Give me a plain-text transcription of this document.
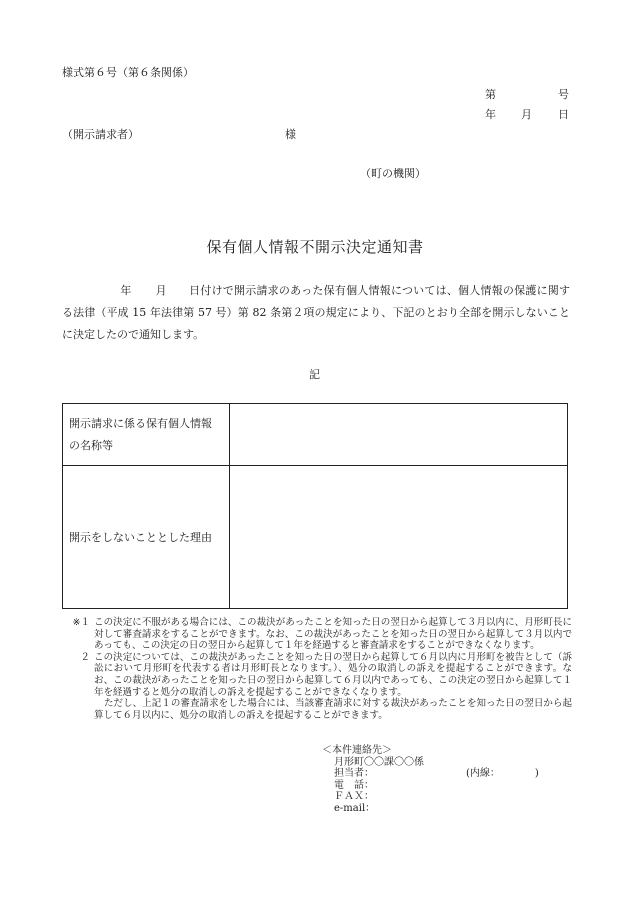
様式第６号（第６条関係）
第	号
年 月 日
（開示請求者）	様
（町の機関）
保有個人情報不開示決定通知書
年 月 日付けで開示請求のあった保有個人情報については、個人情報の保護に関する法律（平成 15 年法律第 57 号）第 82 条第２項の規定により、下記のとおり全部を開示しないことに決定したので通知します。
記
開示請求に係る保有個人情報
の名称等	

開示をしないこととした理由	

※１ この決定に不服がある場合には、この裁決があったことを知った日の翌日から起算して３月以内に、月形町長に対して審査請求をすることができます。なお、この裁決があったことを知った日の翌日から起算して３月以内であっても、この決定の日の翌日から起算して１年を経過すると審査請求をすることができなくなります。
２ この決定については、この裁決があったことを知った日の翌日から起算して６月以内に月形町を被告として（訴訟において月形町を代表する者は月形町長となります。）、処分の取消しの訴えを提起することができます。なお、この裁決があったことを知った日の翌日から起算して６月以内であっても、この決定の翌日から起算して１年を経過すると処分の取消しの訴えを提起することができなくなります。
ただし、上記１の審査請求をした場合には、当該審査請求に対する裁決があったことを知った日の翌日から起算して６月以内に、処分の取消しの訴えを提起することができます。
＜本件連絡先＞
月形町〇〇課〇〇係
担当者：	(内線：　　　　)
電　話：
ＦＡＸ：
e-mail：
